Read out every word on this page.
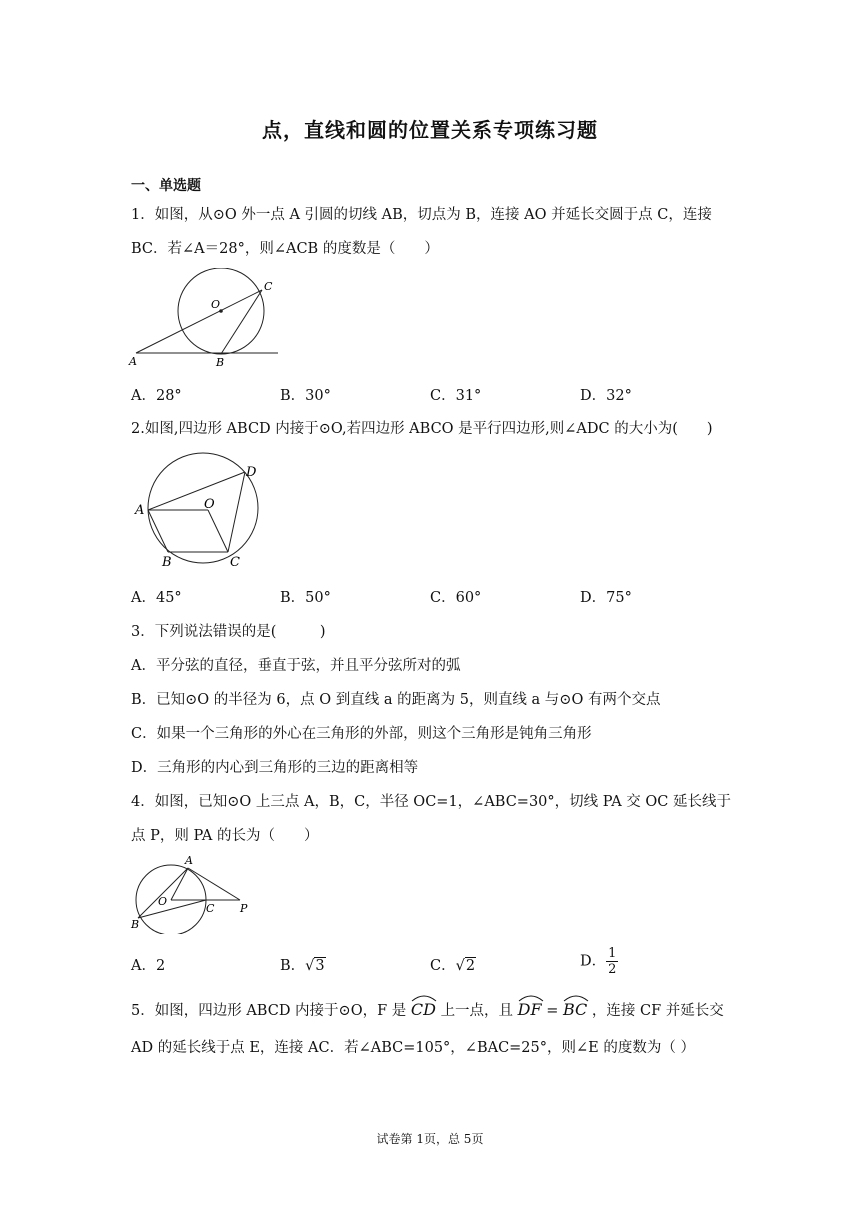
点，直线和圆的位置关系专项练习题
一、单选题
1．如图，从⊙O 外一点 A 引圆的切线 AB，切点为 B，连接 AO 并延长交圆于点 C，连接
BC．若∠A＝28°，则∠ACB 的度数是（　　）
O
C
A	B
A．28°	B．30°	C．31°	D．32°
2.如图,四边形 ABCD 内接于⊙O,若四边形 ABCO 是平行四边形,则∠ADC 的大小为(　　)
D
O
A
B	C
A．45°	B．50°	C．60°	D．75°
3．下列说法错误的是(　　　)
A．平分弦的直径，垂直于弦，并且平分弦所对的弧
B．已知⊙O 的半径为 6，点 O 到直线 a 的距离为 5，则直线 a 与⊙O 有两个交点
C．如果一个三角形的外心在三角形的外部，则这个三角形是钝角三角形
D．三角形的内心到三角形的三边的距离相等
4．如图，已知⊙O 上三点 A，B，C，半径 OC=1，∠ABC=30°，切线 PA 交 OC 延长线于
点 P，则 PA 的长为（　　）
A
O
C P
B
A．2	B．√3	C．√2	D． $\frac{1}{2}$
5．如图，四边形 ABCD 内接于⊙O，F 是 CD 上一点，且 DF =
BC ，连接 CF 并延长交
AD 的延长线于点 E，连接 AC．若∠ABC=105°，∠BAC=25°，则∠E 的度数为（ ）
试卷第 1页，总 5页
